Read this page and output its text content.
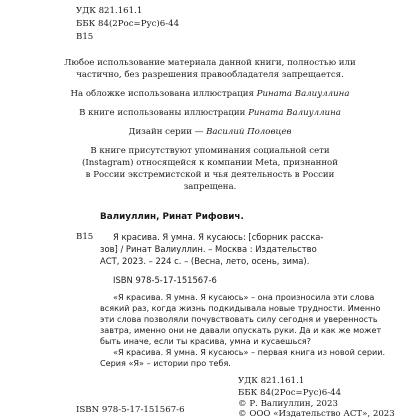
УДК 821.161.1
ББК 84(2Рос=Рус)6-44
В15
Любое использование материала данной книги, полностью или
частично, без разрешения правообладателя запрещается.
На обложке использована иллюстрация Рината Валиуллина
В книге использованы иллюстрации Рината Валиуллина
Дизайн серии — Василий Половцев
В книге присутствуют упоминания социальной сети
(Instagram) относящейся к компании Meta, признанной
в России экстремистской и чья деятельность в России
запрещена.
Валиуллин, Ринат Рифович.
В15 Я красива. Я умна. Я кусаюсь: [сборник расска-
зов] / Ринат Валиуллин. – Москва : Издательство
АСТ, 2023. – 224 с. – (Весна, лето, осень, зима).
ISBN 978-5-17-151567-6
«Я красива. Я умна. Я кусаюсь» – она произносила эти слова
всякий раз, когда жизнь подкидывала новые трудности. Именно
эти слова позволяли почувствовать силу сегодня и уверенность
завтра, именно они не давали опускать руки. Да и как же может
быть иначе, если ты красива, умна и кусаешься?
«Я красива. Я умна. Я кусаюсь» – первая книга из новой серии.
Серия «Я» – истории про тебя.
УДК 821.161.1
ББК 84(2Рос=Рус)6-44
ISBN 978-5-17-151567-6
© Р. Валиуллин, 2023
© ООО «Издательство АСТ», 2023
